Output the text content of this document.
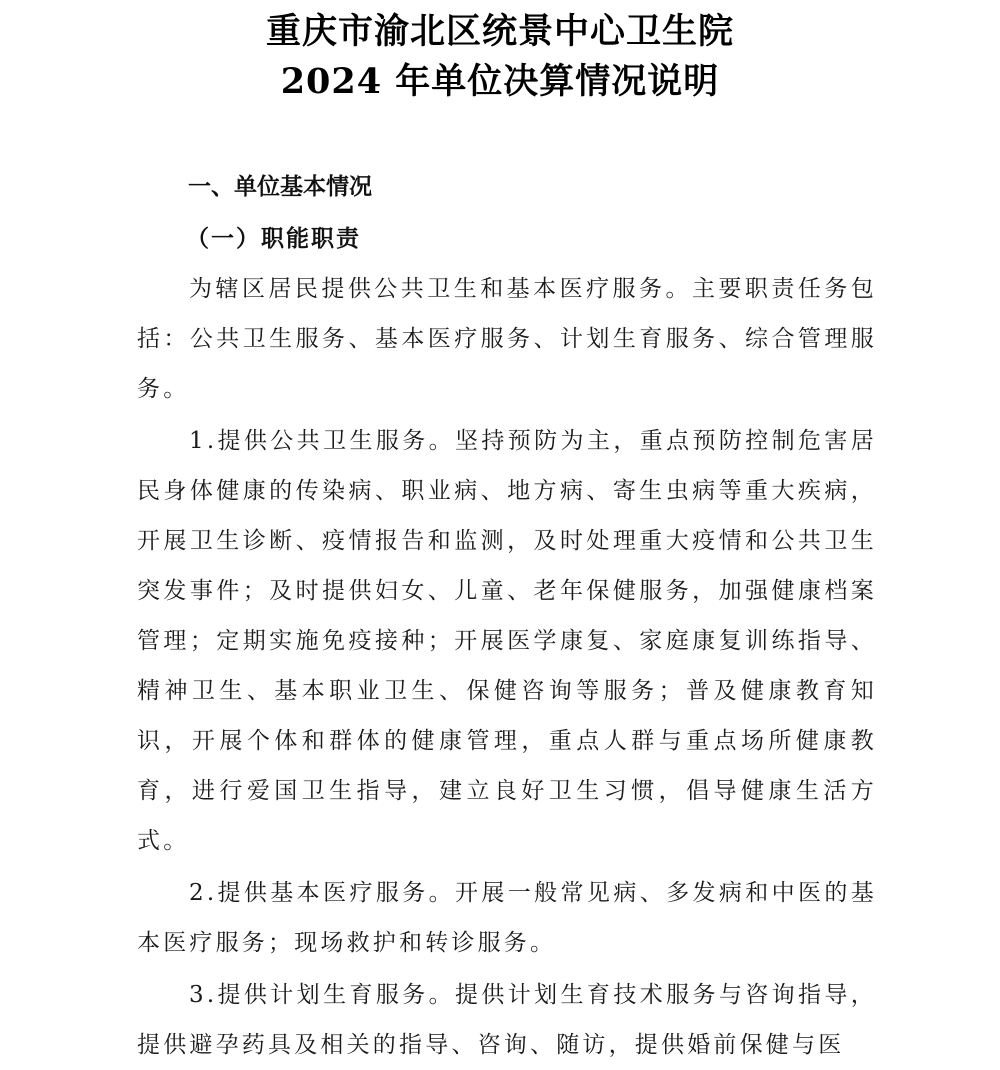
重庆市渝北区统景中心卫生院
2024 年单位决算情况说明
一、单位基本情况
（一）职能职责

为辖区居民提供公共卫生和基本医疗服务。主要职责任务包括：公共卫生服务、基本医疗服务、计划生育服务、综合管理服务。

1.提供公共卫生服务。坚持预防为主，重点预防控制危害居民身体健康的传染病、职业病、地方病、寄生虫病等重大疾病，开展卫生诊断、疫情报告和监测，及时处理重大疫情和公共卫生突发事件；及时提供妇女、儿童、老年保健服务，加强健康档案管理；定期实施免疫接种；开展医学康复、家庭康复训练指导、精神卫生、基本职业卫生、保健咨询等服务；普及健康教育知识，开展个体和群体的健康管理，重点人群与重点场所健康教育，进行爱国卫生指导，建立良好卫生习惯，倡导健康生活方式。

2.提供基本医疗服务。开展一般常见病、多发病和中医的基本医疗服务；现场救护和转诊服务。

3.提供计划生育服务。提供计划生育技术服务与咨询指导，提供避孕药具及相关的指导、咨询、随访，提供婚前保健与医
